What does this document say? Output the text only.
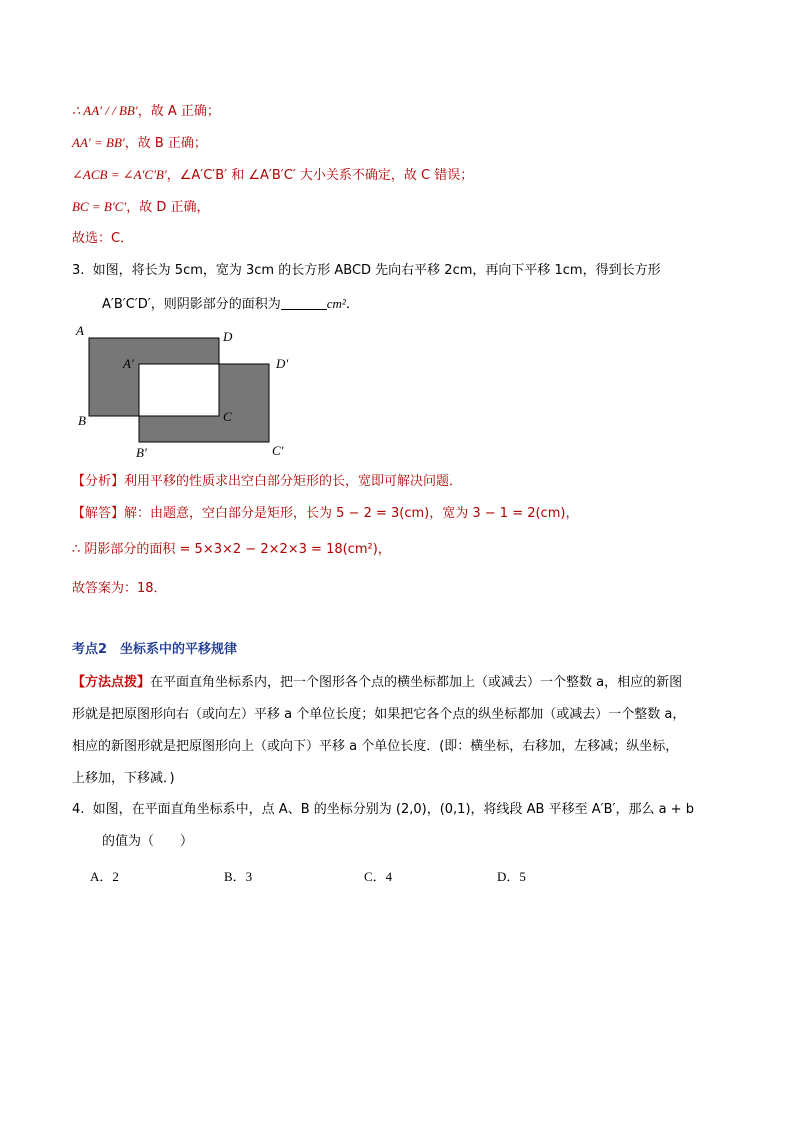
∴ AA′ / / BB′，故 A 正确；
AA′ = BB′，故 B 正确；
∠ACB = ∠A′C′B′，∠A′C′B′ 和 ∠A′B′C′ 大小关系不确定，故 C 错误；
BC = B′C′，故 D 正确，
故选：C．
3. 如图，将长为 5cm，宽为 3cm 的长方形 ABCD 先向右平移 2cm，再向下平移 1cm，得到长方形
A′B′C′D′，则阴影部分的面积为	cm²．
A	D
A′	D′
B	C
B′	C′
【分析】利用平移的性质求出空白部分矩形的长，宽即可解决问题．
【解答】解：由题意，空白部分是矩形，长为 5 − 2 = 3(cm)，宽为 3 − 1 = 2(cm)，
∴ 阴影部分的面积 = 5×3×2 − 2×2×3 = 18(cm²)，
故答案为：18．
考点2　坐标系中的平移规律
【方法点拨】在平面直角坐标系内，把一个图形各个点的横坐标都加上（或减去）一个整数 a，相应的新图
形就是把原图形向右（或向左）平移 a 个单位长度；如果把它各个点的纵坐标都加（或减去）一个整数 a，
相应的新图形就是把原图形向上（或向下）平移 a 个单位长度．(即：横坐标，右移加，左移减；纵坐标，
上移加，下移减．)
4. 如图，在平面直角坐标系中，点 A、B 的坐标分别为 (2,0)，(0,1)，将线段 AB 平移至 A′B′，那么 a + b
的值为（　　）
A．2	B．3	C．4	D．5
